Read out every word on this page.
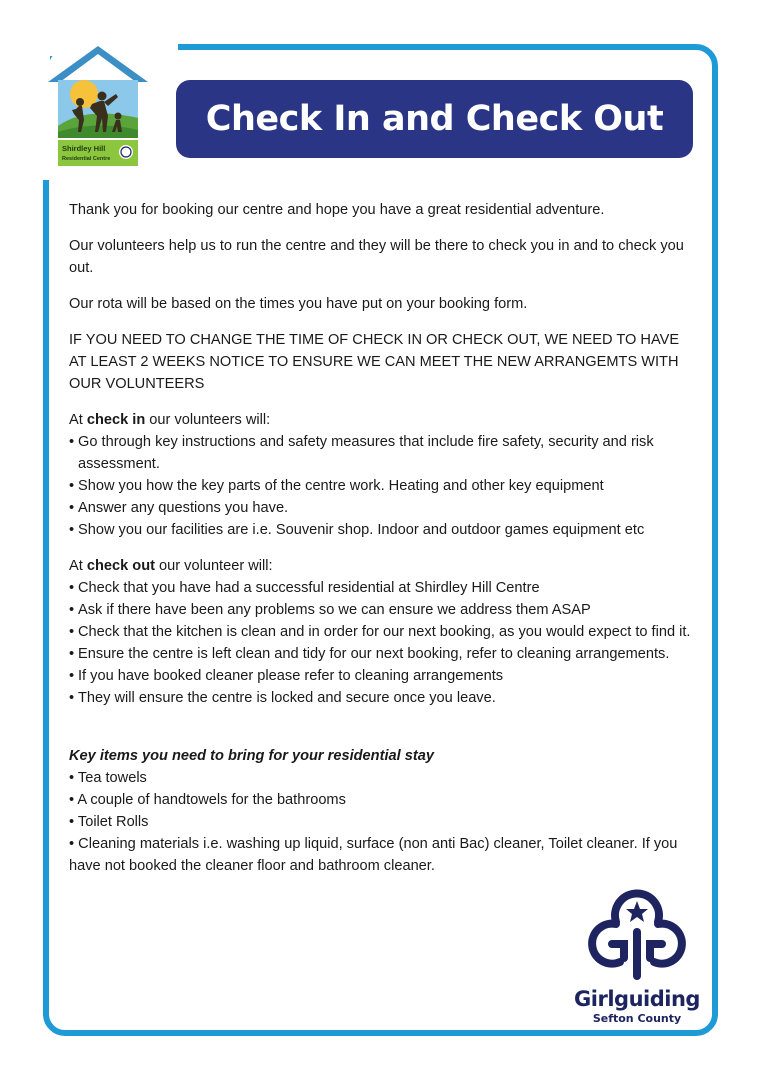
Shirdley Hill
Residential Centre
Check In and Check Out

Thank you for booking our centre and hope you have a great residential adventure.

Our volunteers help us to run the centre and they will be there to check you in and to check you out.

Our rota will be based on the times you have put on your booking form.

IF YOU NEED TO CHANGE THE TIME OF CHECK IN OR CHECK OUT, WE NEED TO HAVE AT LEAST 2 WEEKS NOTICE TO ENSURE WE CAN MEET THE NEW ARRANGEMTS WITH OUR VOLUNTEERS

At check in our volunteers will:

• Go through key instructions and safety measures that include fire safety, security and risk assessment.

• Show you how the key parts of the centre work. Heating and other key equipment

• Answer any questions you have.

• Show you our facilities are i.e. Souvenir shop. Indoor and outdoor games equipment etc

At check out our volunteer will:

• Check that you have had a successful residential at Shirdley Hill Centre

• Ask if there have been any problems so we can ensure we address them ASAP

• Check that the kitchen is clean and in order for our next booking, as you would expect to find it.

• Ensure the centre is left clean and tidy for our next booking, refer to cleaning arrangements.

• If you have booked cleaner please refer to cleaning arrangements

• They will ensure the centre is locked and secure once you leave.

Key items you need to bring for your residential stay

• Tea towels

• A couple of handtowels for the bathrooms

• Toilet Rolls

• Cleaning materials i.e. washing up liquid, surface (non anti Bac) cleaner, Toilet cleaner. If you have not booked the cleaner floor and bathroom cleaner.

Girlguiding
Sefton County
